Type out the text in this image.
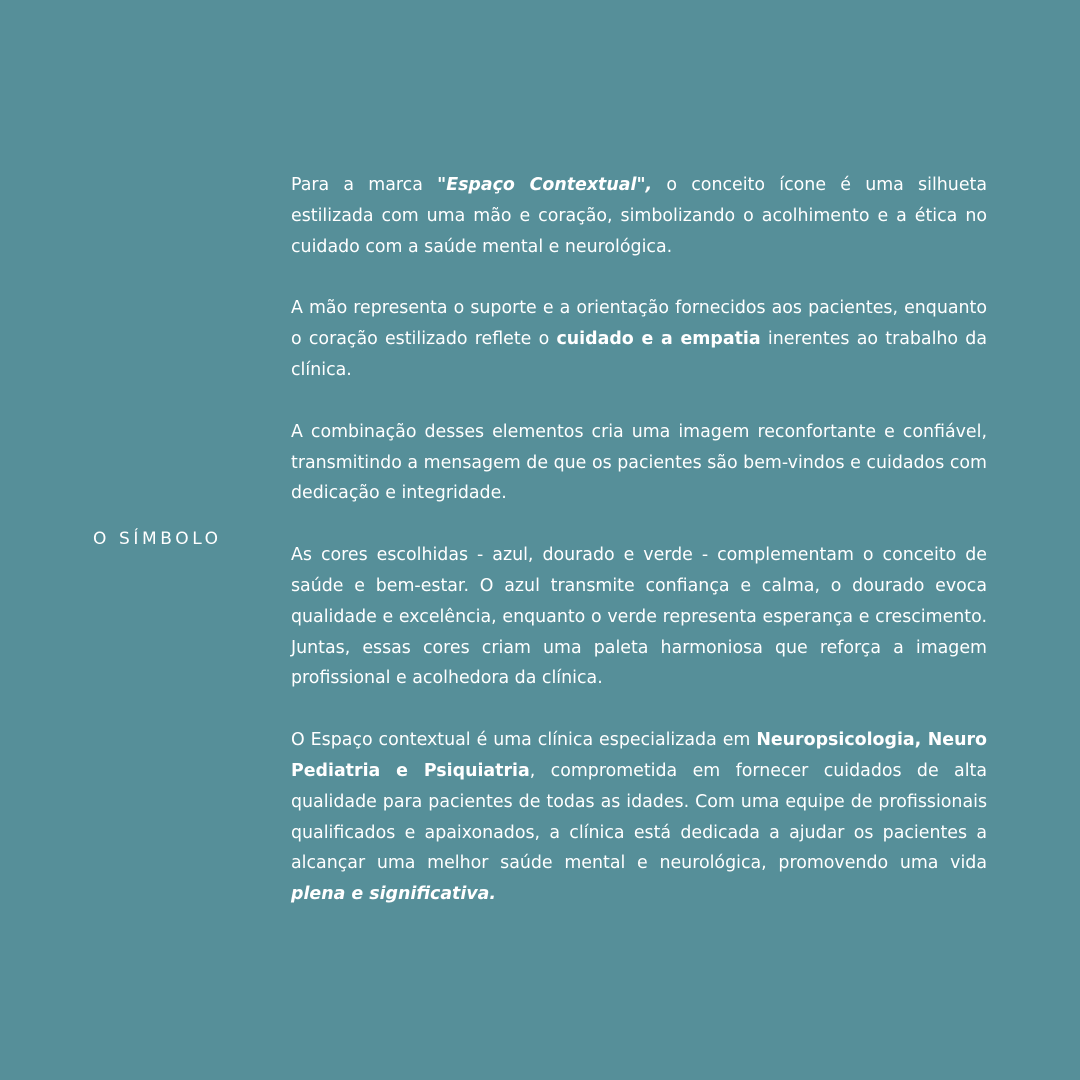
O SÍMBOLO

Para a marca "Espaço Contextual", o conceito ícone é uma silhueta estilizada com uma mão e coração, simbolizando o acolhimento e a ética no cuidado com a saúde mental e neurológica.

A mão representa o suporte e a orientação fornecidos aos pacientes, enquanto o coração estilizado reflete o cuidado e a empatia inerentes ao trabalho da clínica.

A combinação desses elementos cria uma imagem reconfortante e confiável, transmitindo a mensagem de que os pacientes são bem-vindos e cuidados com dedicação e integridade.

As cores escolhidas - azul, dourado e verde - complementam o conceito de saúde e bem-estar. O azul transmite confiança e calma, o dourado evoca qualidade e excelência, enquanto o verde representa esperança e crescimento. Juntas, essas cores criam uma paleta harmoniosa que reforça a imagem profissional e acolhedora da clínica.

O Espaço contextual é uma clínica especializada em Neuropsicologia, Neuro Pediatria e Psiquiatria, comprometida em fornecer cuidados de alta qualidade para pacientes de todas as idades. Com uma equipe de profissionais qualificados e apaixonados, a clínica está dedicada a ajudar os pacientes a alcançar uma melhor saúde mental e neurológica, promovendo uma vida plena e significativa.
